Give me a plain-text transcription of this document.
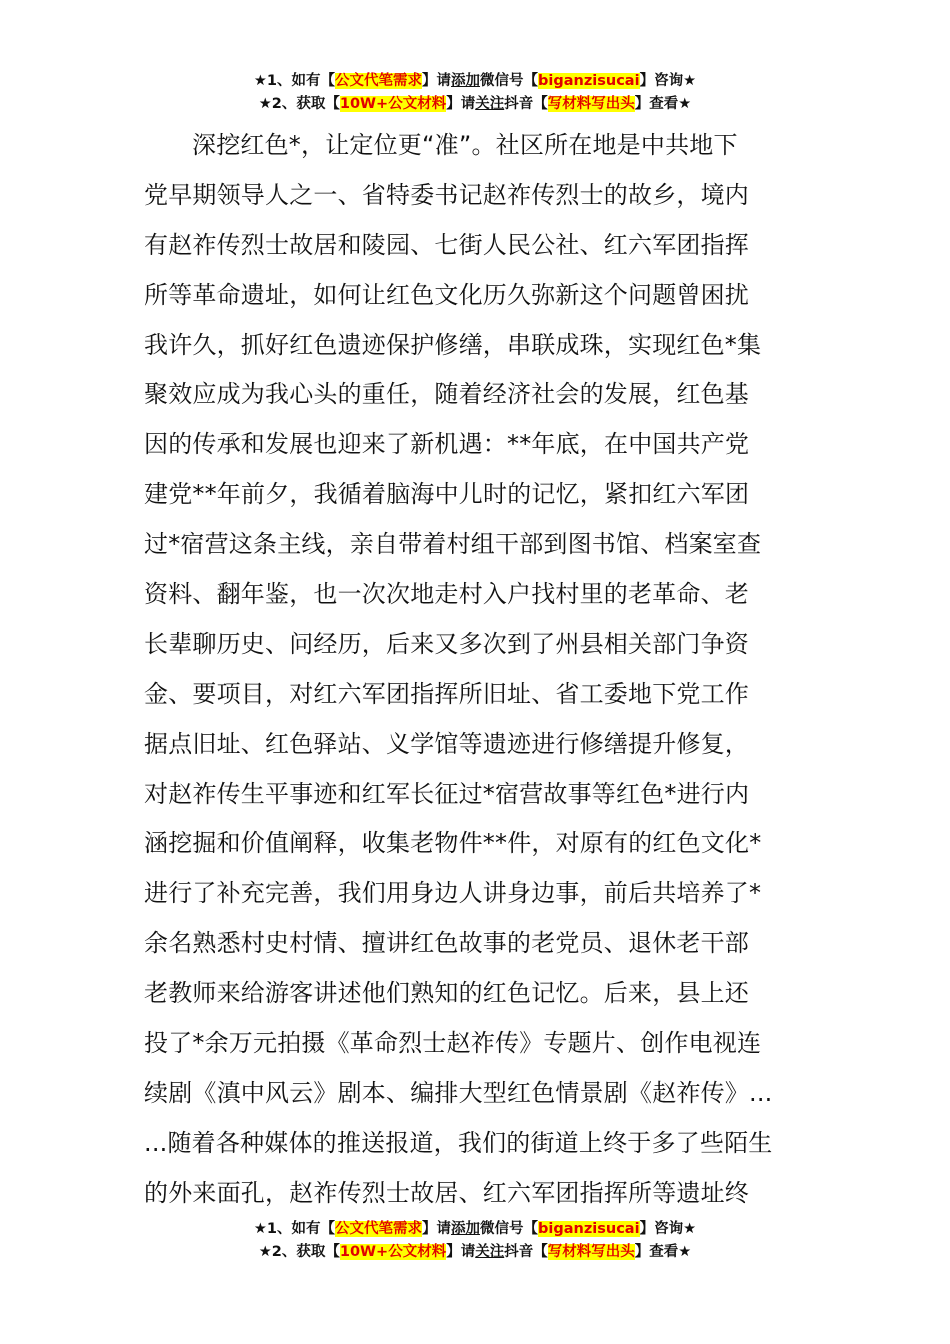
★1、如有【公文代笔需求】请添加微信号【biganzisucai】咨询★
★2、获取【10W+公文材料】请关注抖音【写材料写出头】查看★
深挖红色*，让定位更“准”。社区所在地是中共地下
党早期领导人之一、省特委书记赵祚传烈士的故乡，境内
有赵祚传烈士故居和陵园、七街人民公社、红六军团指挥
所等革命遗址，如何让红色文化历久弥新这个问题曾困扰
我许久，抓好红色遗迹保护修缮，串联成珠，实现红色*集
聚效应成为我心头的重任，随着经济社会的发展，红色基
因的传承和发展也迎来了新机遇：**年底，在中国共产党
建党**年前夕，我循着脑海中儿时的记忆，紧扣红六军团
过*宿营这条主线，亲自带着村组干部到图书馆、档案室查
资料、翻年鉴，也一次次地走村入户找村里的老革命、老
长辈聊历史、问经历，后来又多次到了州县相关部门争资
金、要项目，对红六军团指挥所旧址、省工委地下党工作
据点旧址、红色驿站、义学馆等遗迹进行修缮提升修复，
对赵祚传生平事迹和红军长征过*宿营故事等红色*进行内
涵挖掘和价值阐释，收集老物件**件，对原有的红色文化*
进行了补充完善，我们用身边人讲身边事，前后共培养了*
余名熟悉村史村情、擅讲红色故事的老党员、退休老干部
老教师来给游客讲述他们熟知的红色记忆。后来，县上还
投了*余万元拍摄《革命烈士赵祚传》专题片、创作电视连
续剧《滇中风云》剧本、编排大型红色情景剧《赵祚传》...
...随着各种媒体的推送报道，我们的街道上终于多了些陌生
的外来面孔，赵祚传烈士故居、红六军团指挥所等遗址终
★1、如有【公文代笔需求】请添加微信号【biganzisucai】咨询★
★2、获取【10W+公文材料】请关注抖音【写材料写出头】查看★
